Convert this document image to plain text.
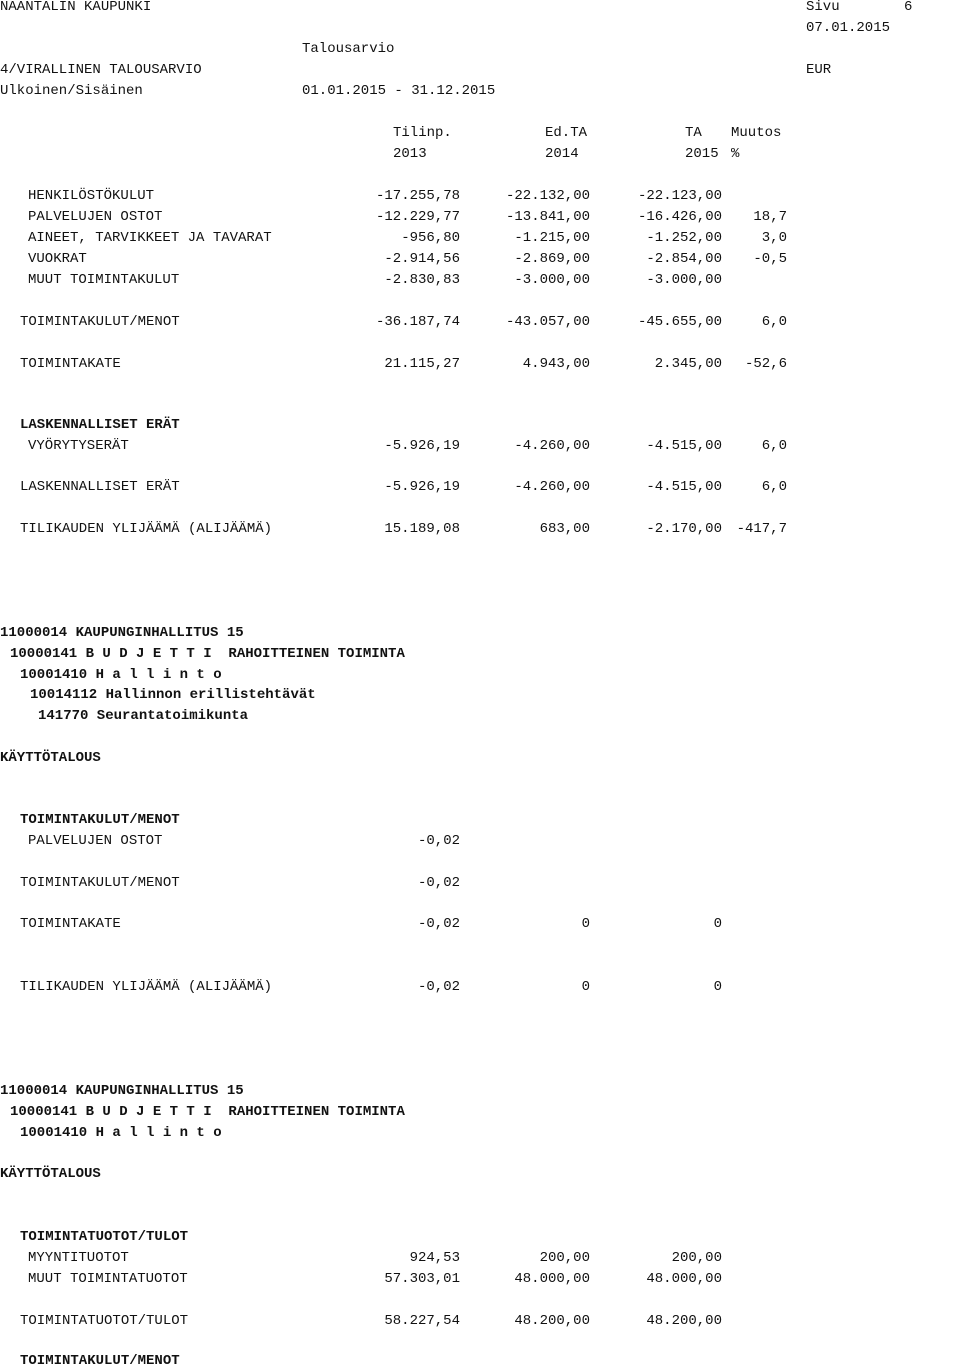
NAANTALIN KAUPUNKI	Sivu	6
07.01.2015
Talousarvio
4/VIRALLINEN TALOUSARVIO	EUR
Ulkoinen/Sisäinen	01.01.2015 - 31.12.2015
Tilinp.	Ed.TA	TA Muutos
2013	2014	2015 %
HENKILÖSTÖKULUT	-17.255,78	-22.132,00	-22.123,00
PALVELUJEN OSTOT	-12.229,77	-13.841,00	-16.426,00 18,7
AINEET, TARVIKKEET JA TAVARAT	-956,80	-1.215,00	-1.252,00	3,0
VUOKRAT	-2.914,56	-2.869,00	-2.854,00 -0,5
MUUT TOIMINTAKULUT	-2.830,83	-3.000,00	-3.000,00
TOIMINTAKULUT/MENOT	-36.187,74	-43.057,00	-45.655,00	6,0
TOIMINTAKATE	21.115,27	4.943,00	2.345,00 -52,6
LASKENNALLISET ERÄT
VYÖRYTYSERÄT	-5.926,19	-4.260,00	-4.515,00	6,0
LASKENNALLISET ERÄT	-5.926,19	-4.260,00	-4.515,00	6,0
TILIKAUDEN YLIJÄÄMÄ (ALIJÄÄMÄ)	15.189,08	683,00	-2.170,00 -417,7
11000014 KAUPUNGINHALLITUS 15
10000141 B U D J E T T I  RAHOITTEINEN TOIMINTA
10001410 H a l l i n t o
10014112 Hallinnon erillistehtävät
141770 Seurantatoimikunta
KÄYTTÖTALOUS
TOIMINTAKULUT/MENOT
PALVELUJEN OSTOT	-0,02
TOIMINTAKULUT/MENOT	-0,02
TOIMINTAKATE	-0,02	0	0
TILIKAUDEN YLIJÄÄMÄ (ALIJÄÄMÄ)	-0,02	0	0
11000014 KAUPUNGINHALLITUS 15
10000141 B U D J E T T I  RAHOITTEINEN TOIMINTA
10001410 H a l l i n t o
KÄYTTÖTALOUS
TOIMINTATUOTOT/TULOT
MYYNTITUOTOT	924,53	200,00	200,00
MUUT TOIMINTATUOTOT	57.303,01	48.000,00	48.000,00
TOIMINTATUOTOT/TULOT	58.227,54	48.200,00	48.200,00
TOIMINTAKULUT/MENOT
